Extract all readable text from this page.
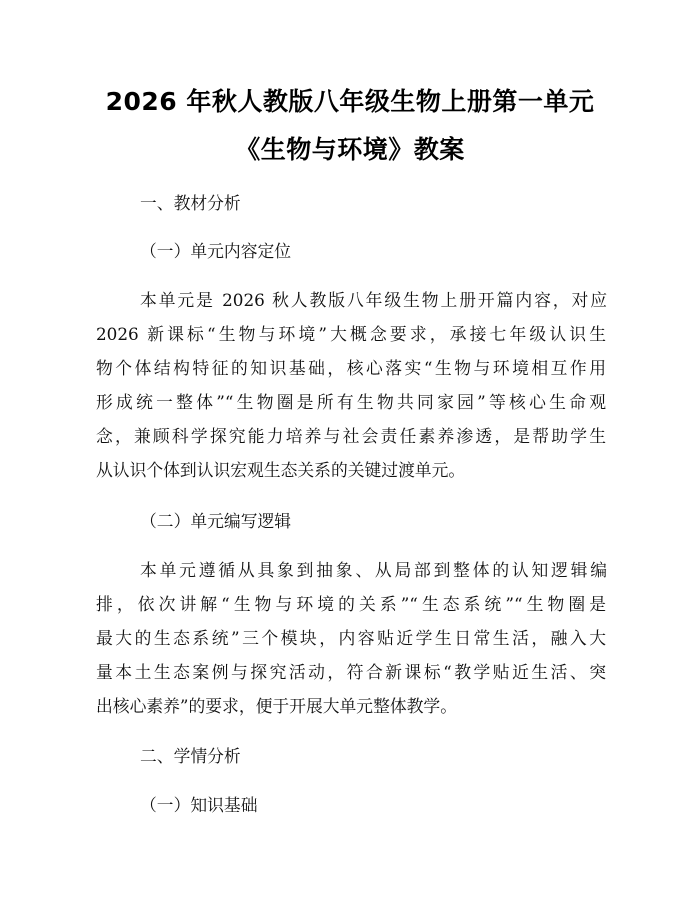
2026 年秋人教版八年级生物上册第一单元
《生物与环境》教案
一、教材分析
（一）单元内容定位
本单元是 2026 秋人教版八年级生物上册开篇内容，对应
2026 新课标“生物与环境”大概念要求，承接七年级认识生
物个体结构特征的知识基础，核心落实“生物与环境相互作用
形成统一整体”“生物圈是所有生物共同家园”等核心生命观
念，兼顾科学探究能力培养与社会责任素养渗透，是帮助学生
从认识个体到认识宏观生态关系的关键过渡单元。
（二）单元编写逻辑
本单元遵循从具象到抽象、从局部到整体的认知逻辑编
排，依次讲解“生物与环境的关系”“生态系统”“生物圈是
最大的生态系统”三个模块，内容贴近学生日常生活，融入大
量本土生态案例与探究活动，符合新课标“教学贴近生活、突
出核心素养”的要求，便于开展大单元整体教学。
二、学情分析
（一）知识基础
